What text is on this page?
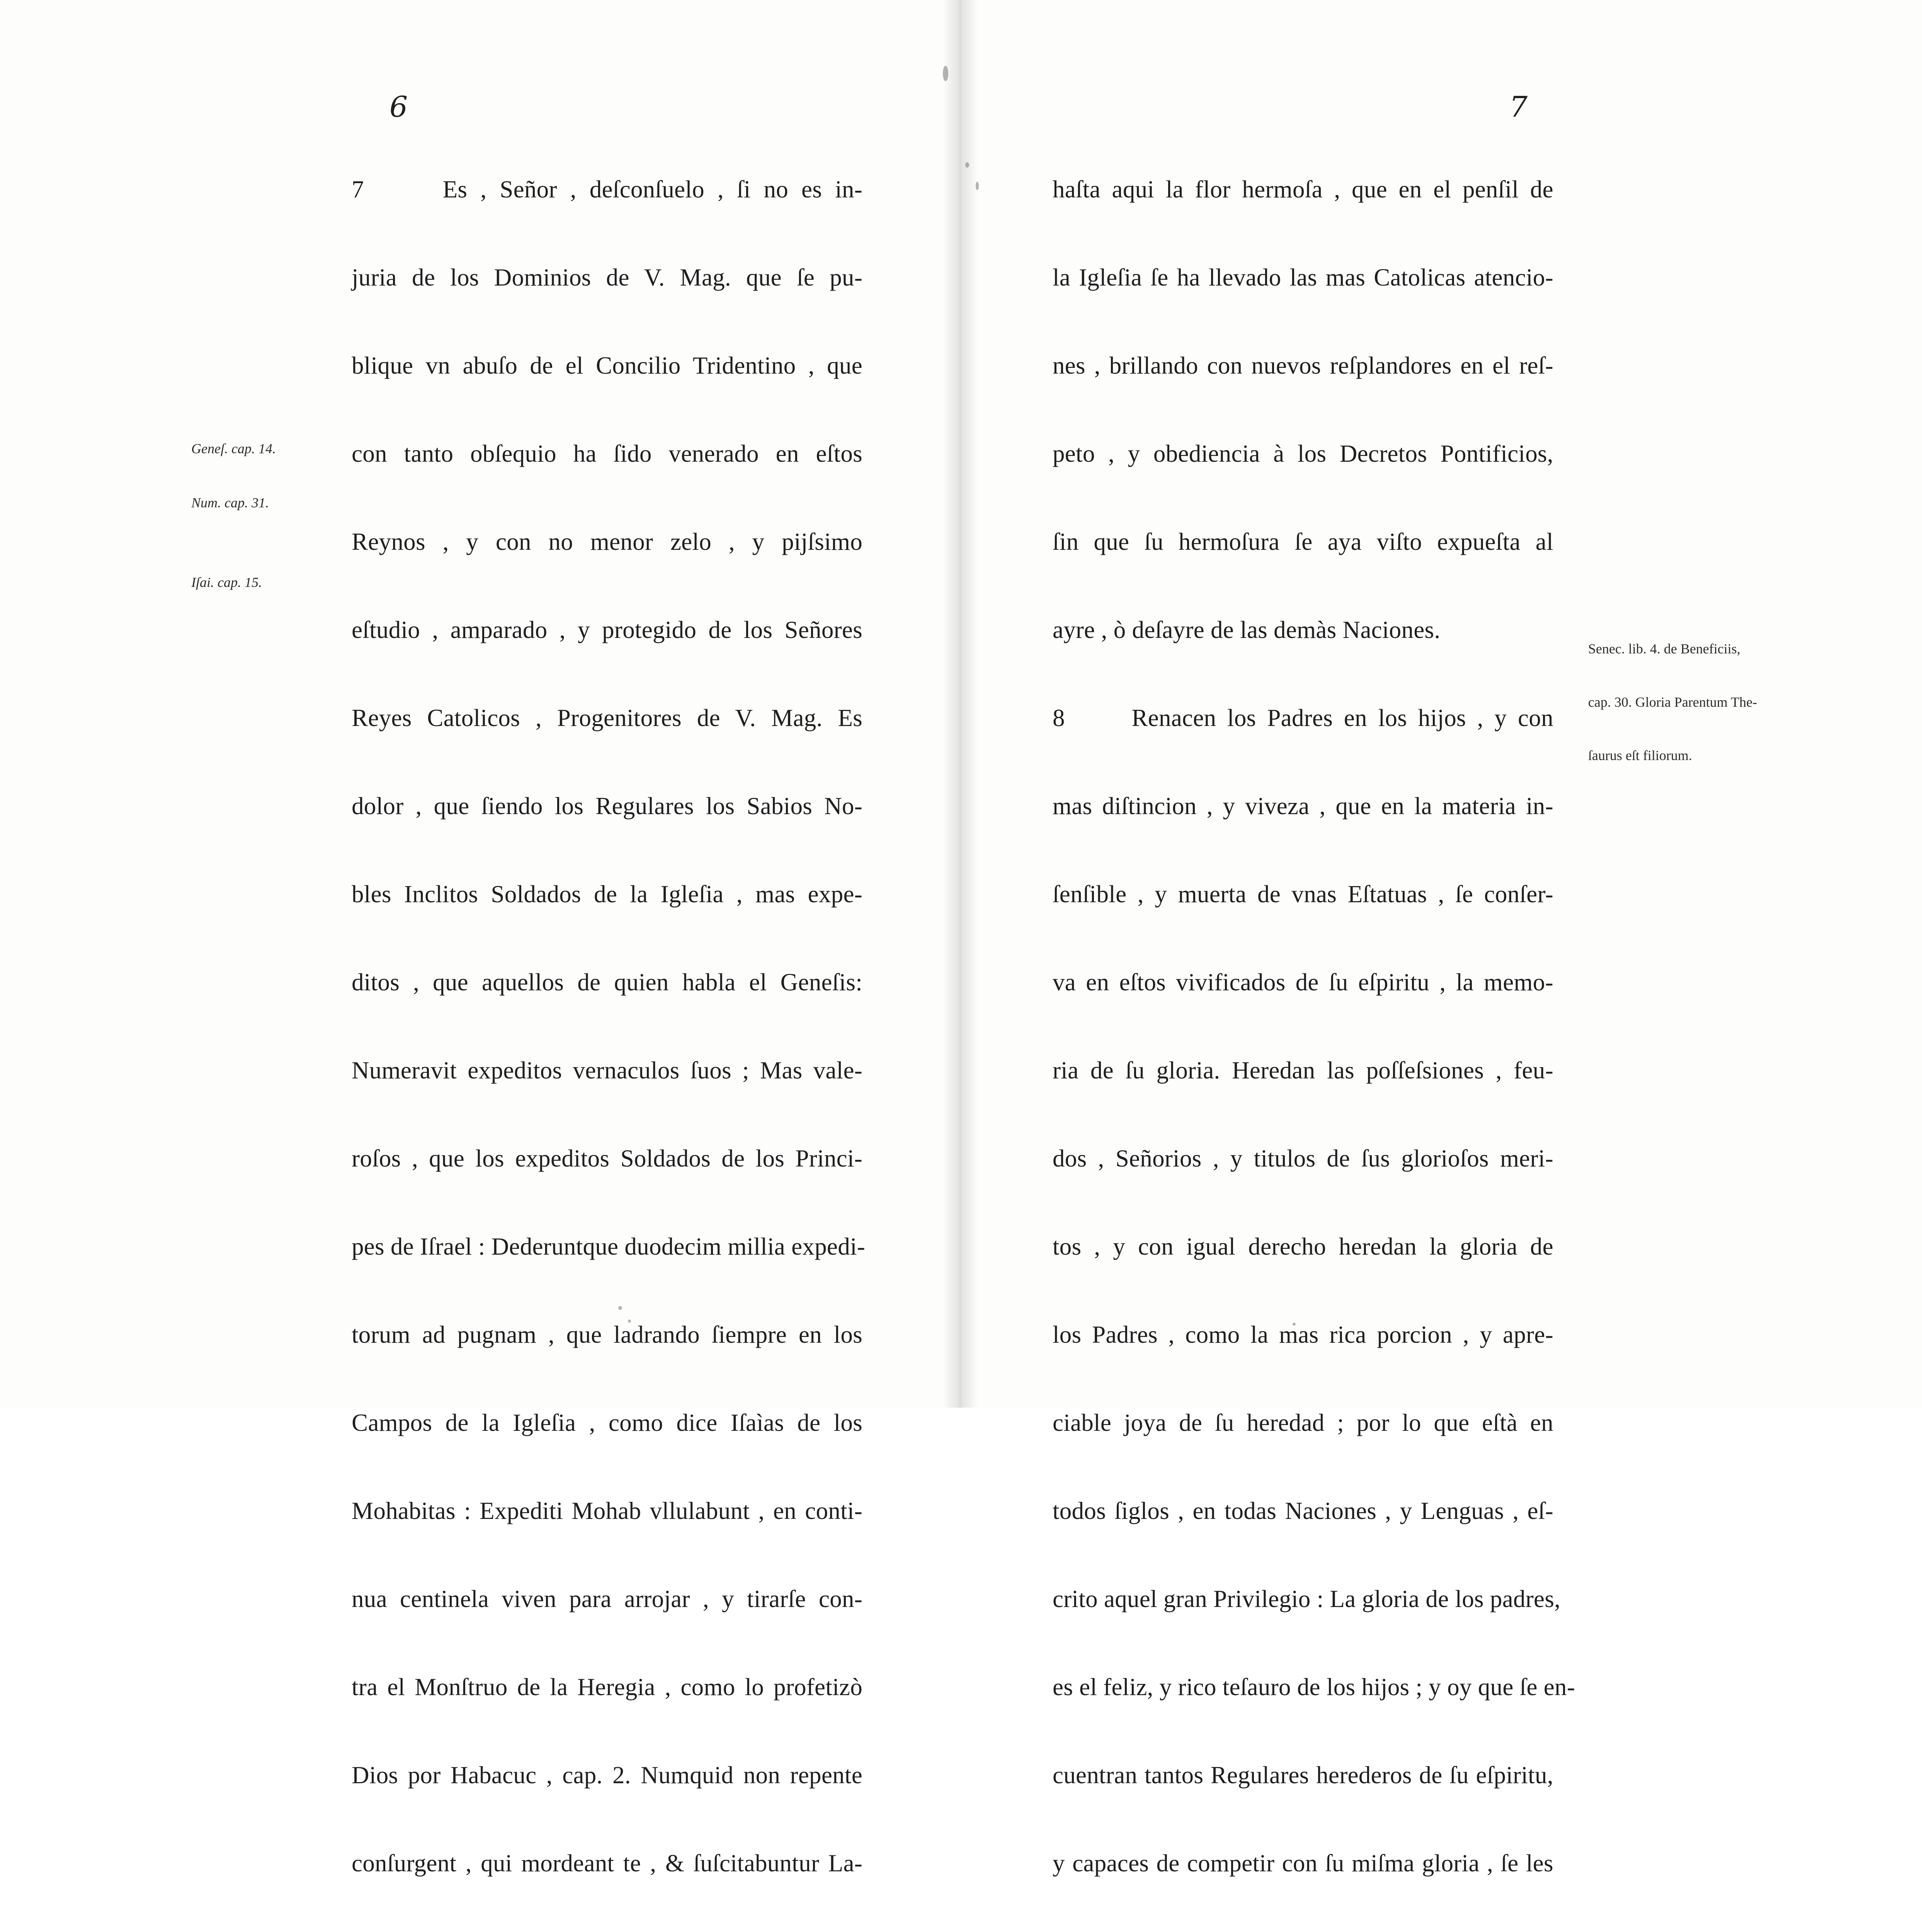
6

7      Es , Señor , deſconſuelo , ſi no es in-

juria de los Dominios de V. Mag. que ſe pu-

blique vn abuſo de el Concilio Tridentino , que

con tanto obſequio ha ſido venerado en eſtos

Reynos , y con no menor zelo , y piјſsimo

eſtudio , amparado , y protegido de los Señores

Reyes Catolicos , Progenitores de V. Mag. Es

dolor , que ſiendo los Regulares los Sabios No-

bles Inclitos Soldados de la Igleſia , mas expe-

ditos , que aquellos de quien habla el Geneſis:

Numeravit expeditos vernaculos ſuos ; Mas vale-

roſos , que los expeditos Soldados de los Princi-

pes de Iſrael : Dederuntque duodecim millia expedi-

torum ad pugnam , que ladrando ſiempre en los

Campos de la Igleſia , como dice Iſaìas de los

Mohabitas : Expediti Mohab vllulabunt , en conti-

nua centinela viven para arrojar , y tirarſe con-

tra el Monſtruo de la Heregia , como lo profetizò

Dios por Habacuc , cap. 2. Numquid non repente

conſurgent , qui mordeant te , & ſuſcitabuntur La-

Geneſ. cap. 14.
Num. cap. 31.
Iſai. cap. 15.
7

haſta aqui la flor hermoſa , que en el penſil de

la Igleſia ſe ha llevado las mas Catolicas atencio-

nes , brillando con nuevos reſplandores en el reſ-

peto , y obediencia à los Decretos Pontificios,

ſin que ſu hermoſura ſe aya viſto expueſta al

ayre , ò deſayre de las demàs Naciones.

8      Renacen los Padres en los hijos , y con

mas diſtincion , y viveza , que en la materia in-

ſenſible , y muerta de vnas Eſtatuas , ſe conſer-

va en eſtos vivificados de ſu eſpiritu , la memo-

ria de ſu gloria. Heredan las poſſeſsiones , feu-

dos , Señorios , y titulos de ſus glorioſos meri-

tos , y con igual derecho heredan la gloria de

los Padres , como la mas rica porcion , y apre-

ciable joya de ſu heredad ; por lo que eſtà en

todos ſiglos , en todas Naciones , y Lenguas , eſ-

crito aquel gran Privilegio : La gloria de los padres,

es el feliz, y rico teſauro de los hijos ; y oy que ſe en-

cuentran tantos Regulares herederos de ſu eſpiritu,

y capaces de competir con ſu miſma gloria , ſe les

Senec. lib. 4. de Beneficiis,

cap. 30. Gloria Parentum The-

ſaurus eſt filiorum.
